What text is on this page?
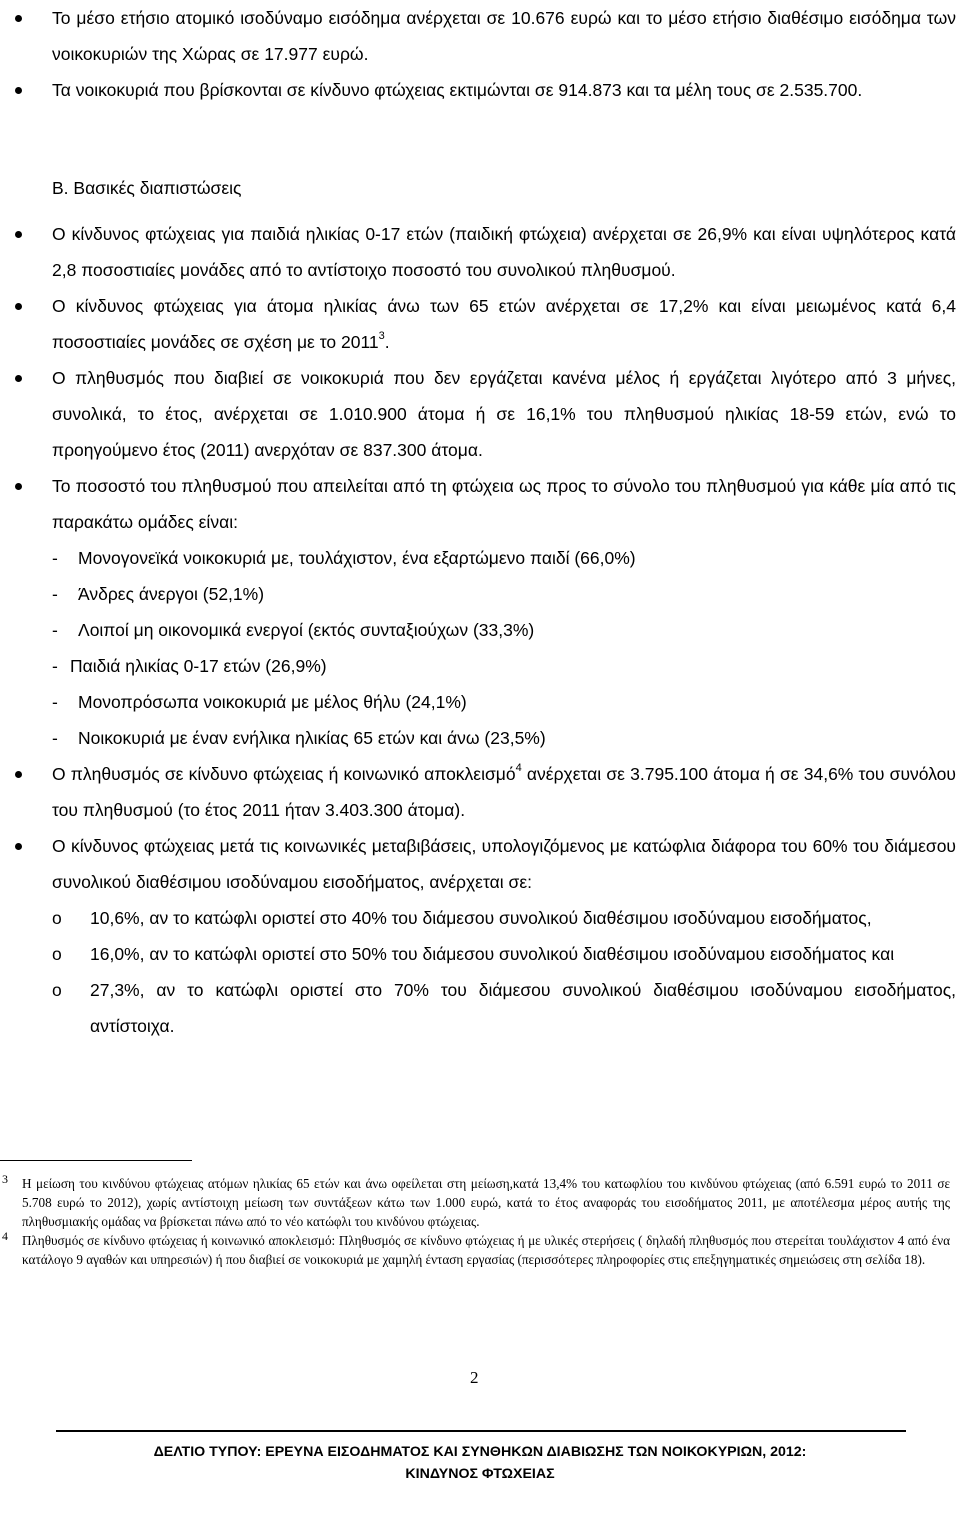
Το μέσο ετήσιο ατομικό ισοδύναμο εισόδημα ανέρχεται σε 10.676 ευρώ και το μέσο ετήσιο διαθέσιμο εισόδημα των νοικοκυριών της Χώρας σε 17.977 ευρώ.
Τα νοικοκυριά που βρίσκονται σε κίνδυνο φτώχειας εκτιμώνται σε 914.873 και τα μέλη τους σε 2.535.700.
Β. Βασικές διαπιστώσεις
Ο κίνδυνος φτώχειας για παιδιά ηλικίας 0-17 ετών (παιδική φτώχεια) ανέρχεται σε 26,9% και είναι υψηλότερος κατά 2,8 ποσοστιαίες μονάδες από το αντίστοιχο ποσοστό του συνολικού πληθυσμού.
Ο κίνδυνος φτώχειας για άτομα ηλικίας άνω των 65 ετών ανέρχεται σε 17,2% και είναι μειωμένος κατά 6,4 ποσοστιαίες μονάδες σε σχέση με το 2011$^3$.
Ο πληθυσμός που διαβιεί σε νοικοκυριά που δεν εργάζεται κανένα μέλος ή εργάζεται λιγότερο από 3 μήνες, συνολικά, το έτος, ανέρχεται σε 1.010.900 άτομα ή σε 16,1% του πληθυσμού ηλικίας 18-59 ετών, ενώ το προηγούμενο έτος (2011) ανερχόταν σε 837.300 άτομα.
Το ποσοστό του πληθυσμού που απειλείται από τη φτώχεια ως προς το σύνολο του πληθυσμού για κάθε μία από τις παρακάτω ομάδες είναι:
- Μονογονεϊκά νοικοκυριά με, τουλάχιστον, ένα εξαρτώμενο παιδί (66,0%)
- Άνδρες άνεργοι (52,1%)
- Λοιποί μη οικονομικά ενεργοί (εκτός συνταξιούχων (33,3%)
- Παιδιά ηλικίας 0-17 ετών (26,9%)
- Μονοπρόσωπα νοικοκυριά με μέλος θήλυ (24,1%)
- Νοικοκυριά με έναν ενήλικα ηλικίας 65 ετών και άνω (23,5%)
Ο πληθυσμός σε κίνδυνο φτώχειας ή κοινωνικό αποκλεισμό$^4$ ανέρχεται σε 3.795.100 άτομα ή σε 34,6% του συνόλου του πληθυσμού (το έτος 2011 ήταν 3.403.300 άτομα).
Ο κίνδυνος φτώχειας μετά τις κοινωνικές μεταβιβάσεις, υπολογιζόμενος με κατώφλια διάφορα του 60% του διάμεσου συνολικού διαθέσιμου ισοδύναμου εισοδήματος, ανέρχεται σε:
o 10,6%, αν το κατώφλι οριστεί στο 40% του διάμεσου συνολικού διαθέσιμου ισοδύναμου εισοδήματος,
o 16,0%, αν το κατώφλι οριστεί στο 50% του διάμεσου συνολικού διαθέσιμου ισοδύναμου εισοδήματος και
o 27,3%, αν το κατώφλι οριστεί στο 70% του διάμεσου συνολικού διαθέσιμου ισοδύναμου εισοδήματος, αντίστοιχα.
3 Η μείωση του κινδύνου φτώχειας ατόμων ηλικίας 65 ετών και άνω οφείλεται στη μείωση,κατά 13,4% του κατωφλίου του κινδύνου φτώχειας (από 6.591 ευρώ το 2011 σε 5.708 ευρώ το 2012), χωρίς αντίστοιχη μείωση των συντάξεων κάτω των 1.000 ευρώ, κατά το έτος αναφοράς του εισοδήματος 2011, με αποτέλεσμα μέρος αυτής της πληθυσμιακής ομάδας να βρίσκεται πάνω από το νέο κατώφλι του κινδύνου φτώχειας.
4 Πληθυσμός σε κίνδυνο φτώχειας ή κοινωνικό αποκλεισμό: Πληθυσμός σε κίνδυνο φτώχειας ή με υλικές στερήσεις ( δηλαδή πληθυσμός που στερείται τουλάχιστον 4 από ένα κατάλογο 9 αγαθών και υπηρεσιών) ή που διαβιεί σε νοικοκυριά με χαμηλή ένταση εργασίας (περισσότερες πληροφορίες στις επεξηγηματικές σημειώσεις στη σελίδα 18).
2
ΔΕΛΤΙΟ ΤΥΠΟΥ: ΕΡΕΥΝΑ ΕΙΣΟΔΗΜΑΤΟΣ ΚΑΙ ΣΥΝΘΗΚΩΝ ΔΙΑΒΙΩΣΗΣ ΤΩΝ ΝΟΙΚΟΚΥΡΙΩΝ, 2012:
ΚΙΝΔΥΝΟΣ ΦΤΩΧΕΙΑΣ
